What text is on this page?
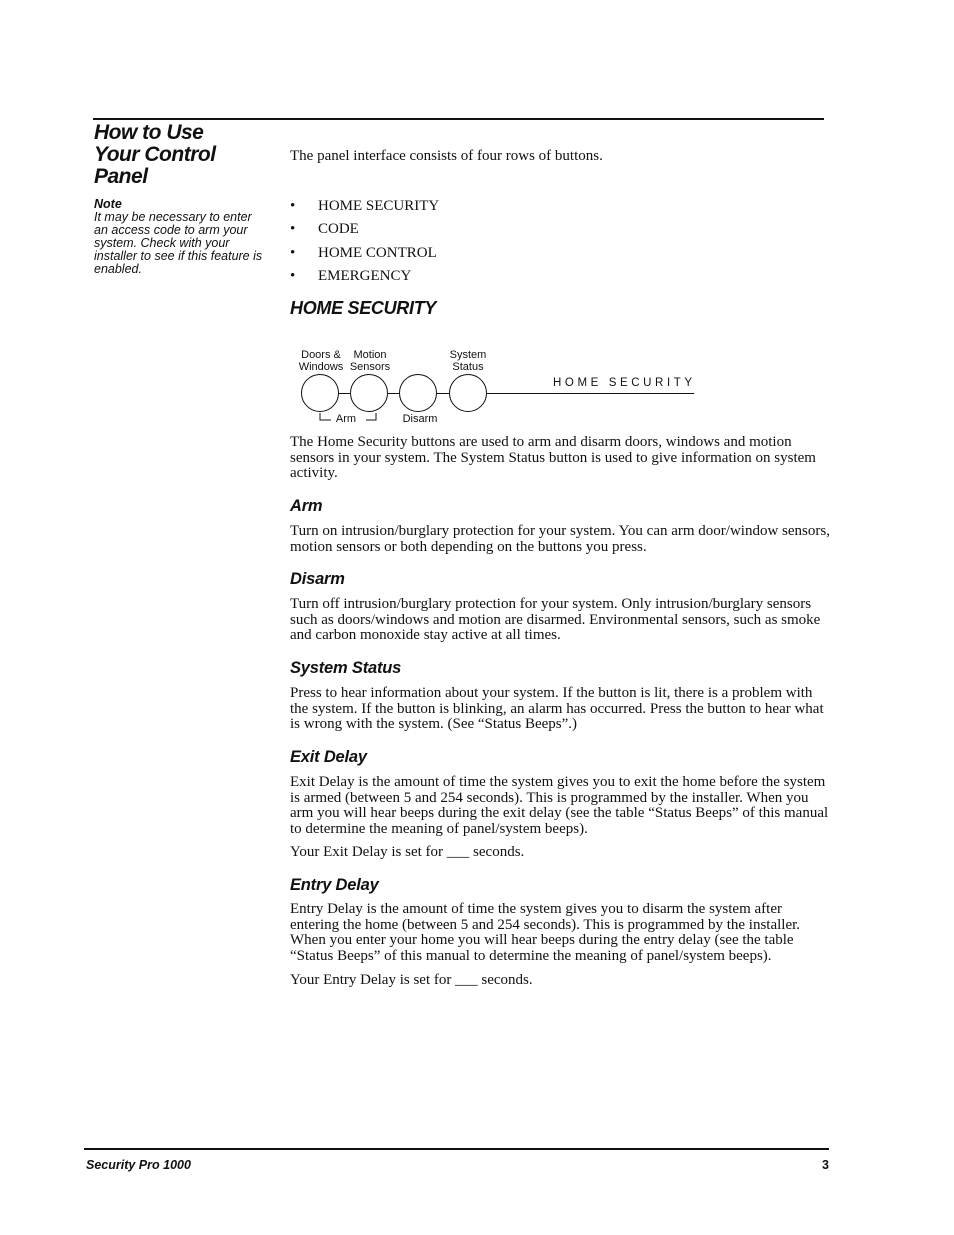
How to Use
Your Control
Panel
Note
It may be necessary to enter an access code to arm your system. Check with your installer to see if this feature is enabled.

The panel interface consists of four rows of buttons.

• HOME SECURITY
• CODE
• HOME CONTROL
• EMERGENCY
HOME SECURITY

The Home Security buttons are used to arm and disarm doors, windows and motion sensors in your system. The System Status button is used to give information on system activity.

Arm

Turn on intrusion/burglary protection for your system. You can arm door/window sensors, motion sensors or both depending on the buttons you press.

Disarm

Turn off intrusion/burglary protection for your system. Only intrusion/burglary sensors such as doors/windows and motion are disarmed. Environmental sensors, such as smoke and carbon monoxide stay active at all times.

System Status

Press to hear information about your system. If the button is lit, there is a problem with the system. If the button is blinking, an alarm has occurred. Press the button to hear what is wrong with the system. (See “Status Beeps”.)

Exit Delay

Exit Delay is the amount of time the system gives you to exit the home before the system is armed (between 5 and 254 seconds). This is programmed by the installer. When you arm you will hear beeps during the exit delay (see the table “Status Beeps” of this manual to determine the meaning of panel/system beeps).

Your Exit Delay is set for ___ seconds.

Entry Delay

Entry Delay is the amount of time the system gives you to disarm the system after entering the home (between 5 and 254 seconds). This is programmed by the installer. When you enter your home you will hear beeps during the entry delay (see the table “Status Beeps” of this manual to determine the meaning of panel/system beeps).

Your Entry Delay is set for ___ seconds.

Doors &
Windows
Motion
Sensors
System
Status
HOME SECURITY
Arm	Disarm
Security Pro 1000	3
